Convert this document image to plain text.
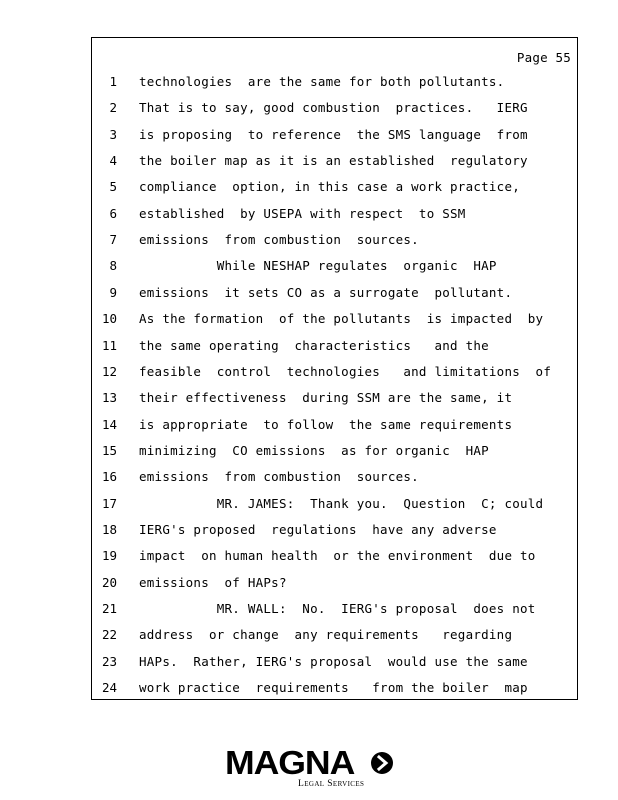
Page 55
1 technologies  are the same for both pollutants.
2 That is to say, good combustion  practices.   IERG
3 is proposing  to reference  the SMS language  from
4 the boiler map as it is an established  regulatory
5 compliance  option, in this case a work practice,
6 established  by USEPA with respect  to SSM
7 emissions  from combustion  sources.
8 While NESHAP regulates  organic  HAP
9 emissions  it sets CO as a surrogate  pollutant.
10 As the formation  of the pollutants  is impacted  by
11 the same operating  characteristics   and the
12 feasible  control  technologies   and limitations  of
13 their effectiveness  during SSM are the same, it
14 is appropriate  to follow  the same requirements
15 minimizing  CO emissions  as for organic  HAP
16 emissions  from combustion  sources.
17 MR. JAMES:  Thank you.  Question  C; could
18 IERG's proposed  regulations  have any adverse
19 impact  on human health  or the environment  due to
20 emissions  of HAPs?
21 MR. WALL:  No.  IERG's proposal  does not
22 address  or change  any requirements   regarding
23 HAPs.  Rather, IERG's proposal  would use the same
24 work practice  requirements   from the boiler  map
MAGNA
Legal Services
